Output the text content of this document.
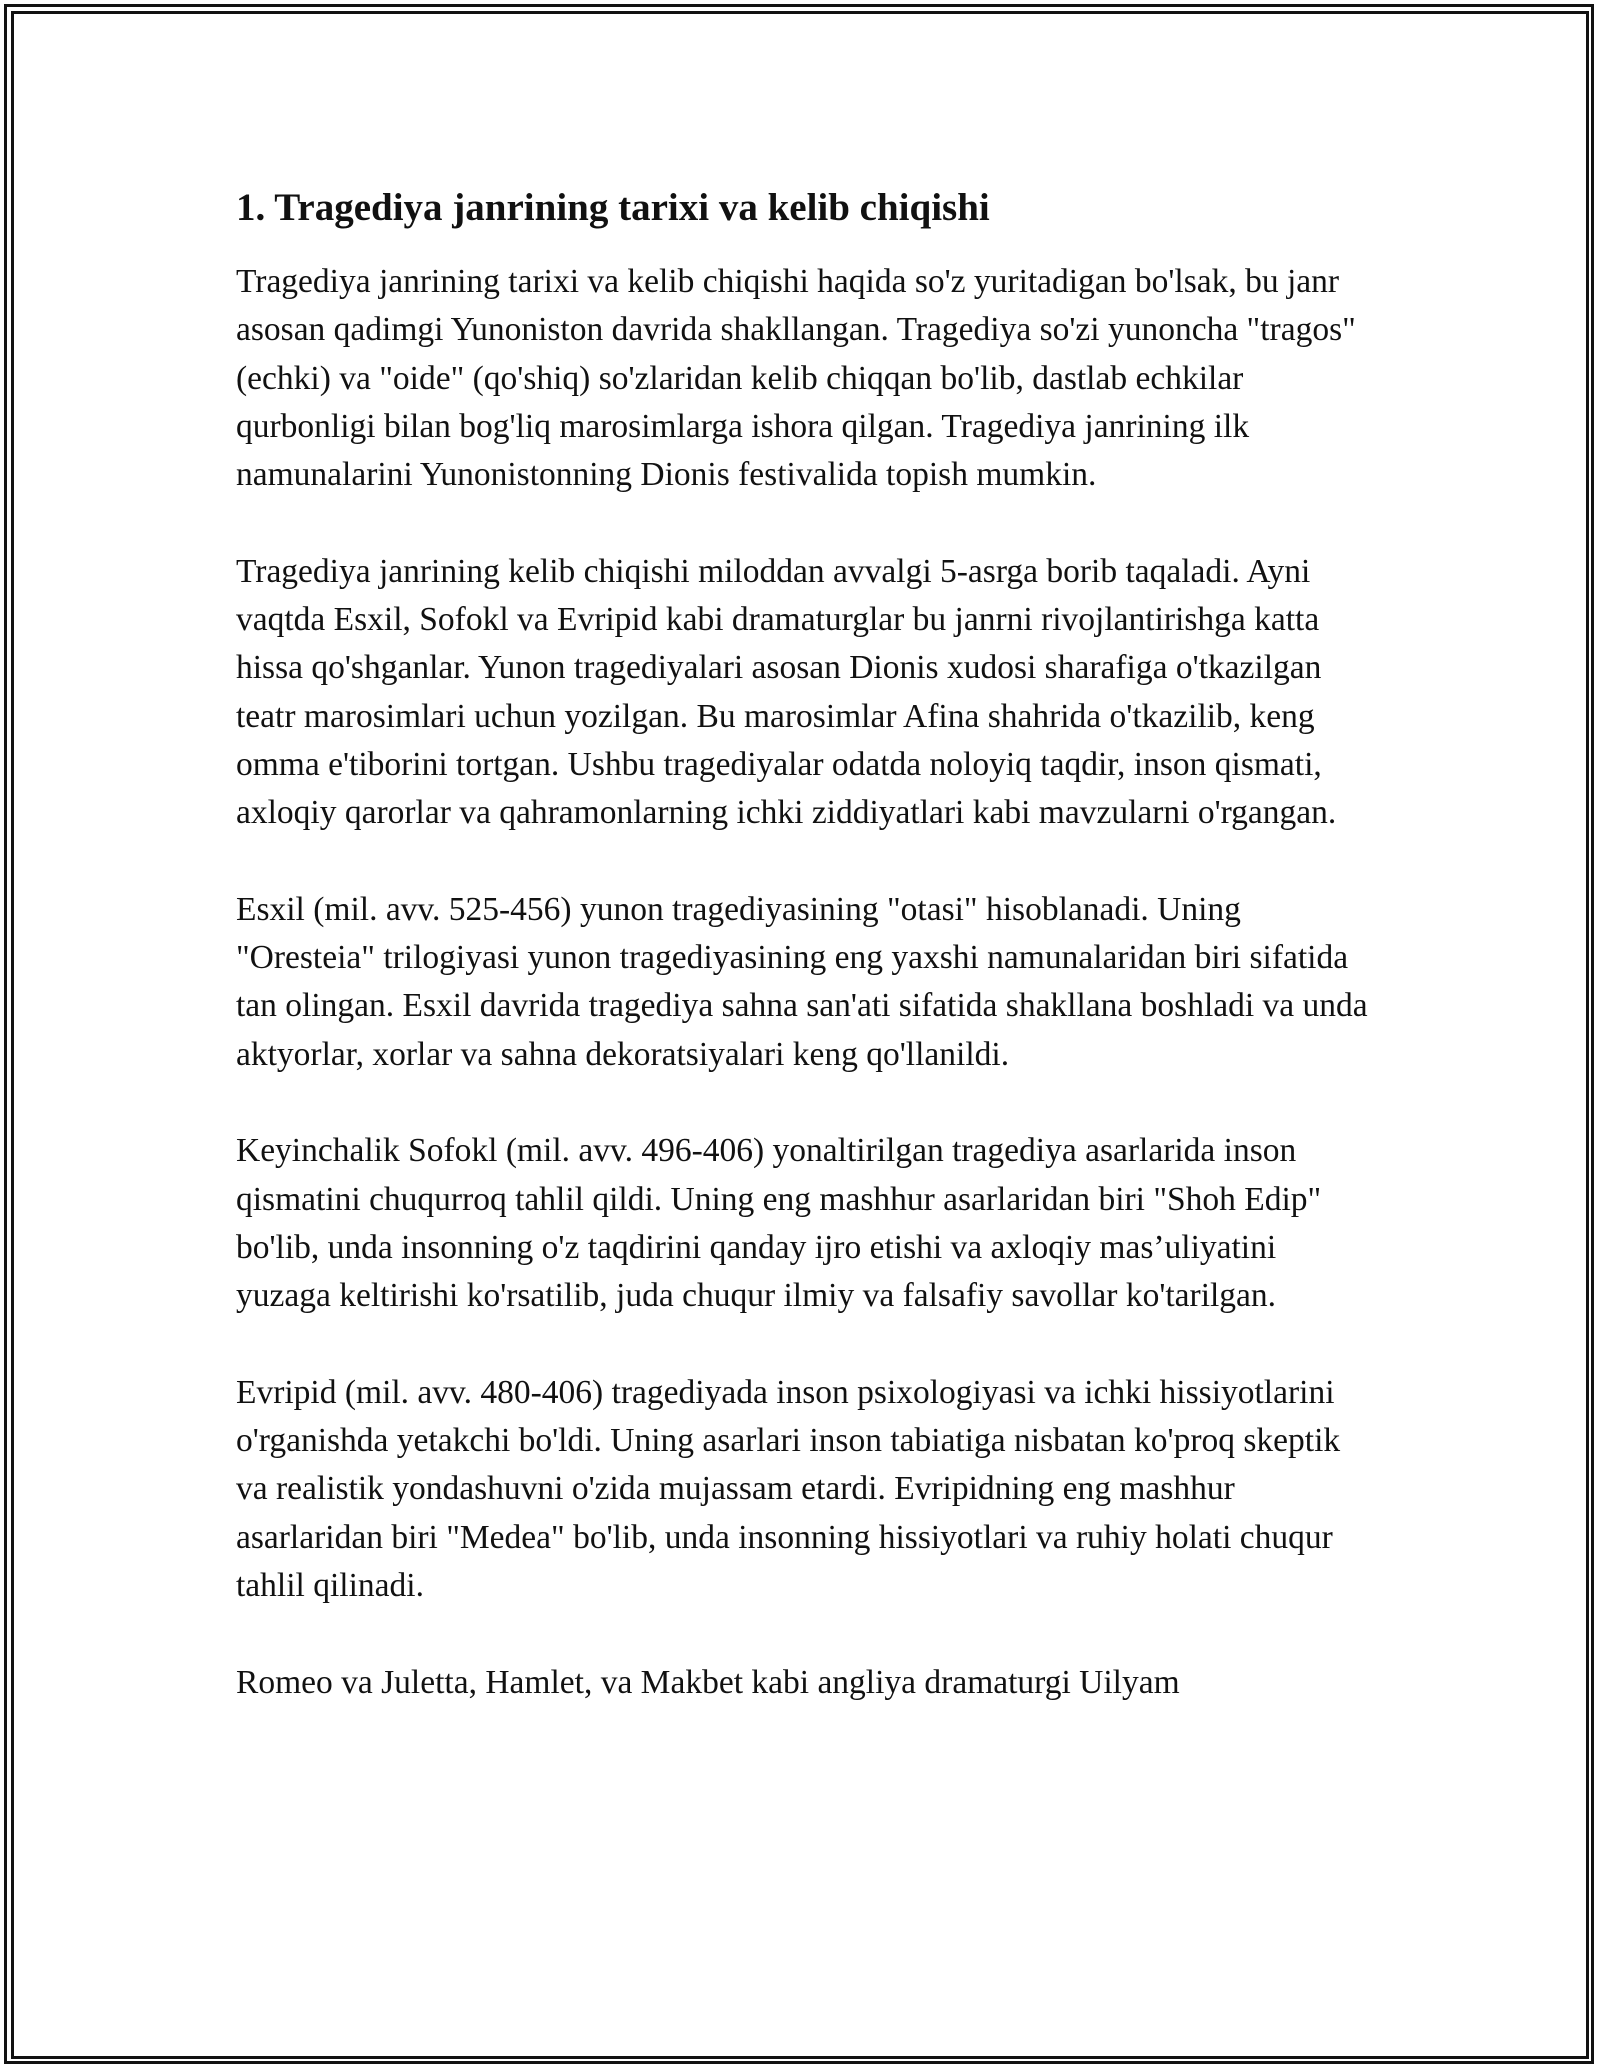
1. Tragediya janrining tarixi va kelib chiqishi

Tragediya janrining tarixi va kelib chiqishi haqida so'z yuritadigan bo'lsak, bu janr asosan qadimgi Yunoniston davrida shakllangan. Tragediya so'zi yunoncha "tragos" (echki) va "oide" (qo'shiq) so'zlaridan kelib chiqqan bo'lib, dastlab echkilar qurbonligi bilan bog'liq marosimlarga ishora qilgan. Tragediya janrining ilk namunalarini Yunonistonning Dionis festivalida topish mumkin.

Tragediya janrining kelib chiqishi miloddan avvalgi 5-asrga borib taqaladi. Ayni vaqtda Esxil, Sofokl va Evripid kabi dramaturglar bu janrni rivojlantirishga katta hissa qo'shganlar. Yunon tragediyalari asosan Dionis xudosi sharafiga o'tkazilgan teatr marosimlari uchun yozilgan. Bu marosimlar Afina shahrida o'tkazilib, keng omma e'tiborini tortgan. Ushbu tragediyalar odatda noloyiq taqdir, inson qismati, axloqiy qarorlar va qahramonlarning ichki ziddiyatlari kabi mavzularni o'rgangan.

Esxil (mil. avv. 525-456) yunon tragediyasining "otasi" hisoblanadi. Uning "Oresteia" trilogiyasi yunon tragediyasining eng yaxshi namunalaridan biri sifatida tan olingan. Esxil davrida tragediya sahna san'ati sifatida shakllana boshladi va unda aktyorlar, xorlar va sahna dekoratsiyalari keng qo'llanildi.

Keyinchalik Sofokl (mil. avv. 496-406) yonaltirilgan tragediya asarlarida inson qismatini chuqurroq tahlil qildi. Uning eng mashhur asarlaridan biri "Shoh Edip" bo'lib, unda insonning o'z taqdirini qanday ijro etishi va axloqiy mas’uliyatini yuzaga keltirishi ko'rsatilib, juda chuqur ilmiy va falsafiy savollar ko'tarilgan.

Evripid (mil. avv. 480-406) tragediyada inson psixologiyasi va ichki hissiyotlarini o'rganishda yetakchi bo'ldi. Uning asarlari inson tabiatiga nisbatan ko'proq skeptik va realistik yondashuvni o'zida mujassam etardi. Evripidning eng mashhur asarlaridan biri "Medea" bo'lib, unda insonning hissiyotlari va ruhiy holati chuqur tahlil qilinadi.

Romeo va Juletta, Hamlet, va Makbet kabi angliya dramaturgi Uilyam
